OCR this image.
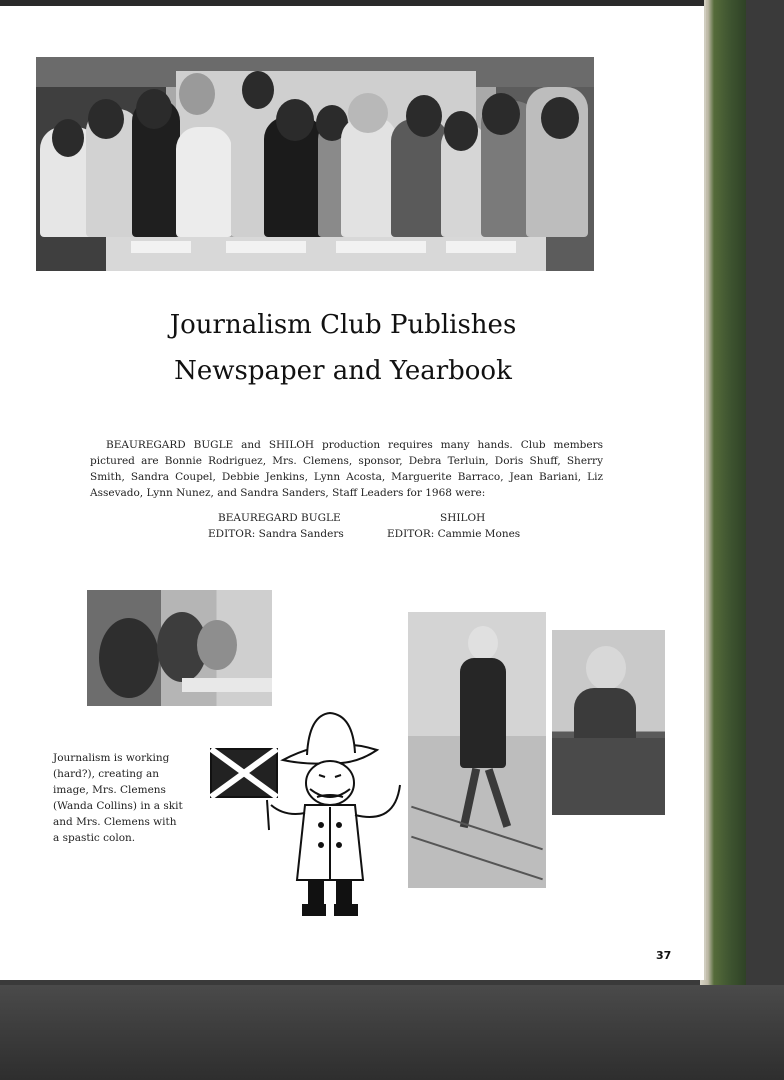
Journalism Club Publishes
Newspaper and Yearbook

BEAUREGARD BUGLE and SHILOH production requires many hands. Club members pictured are Bonnie Rodriguez, Mrs. Clemens, sponsor, Debra Terluin, Doris Shuff, Sherry Smith, Sandra Coupel, Debbie Jenkins, Lynn Acosta, Marguerite Barraco, Jean Bariani, Liz Assevado, Lynn Nunez, and Sandra Sanders, Staff Leaders for 1968 were:

BEAUREGARD BUGLE
EDITOR: Sandra Sanders
SHILOH
EDITOR: Cammie Mones
Journalism is working (hard?), creating an image, Mrs. Clemens (Wanda Collins) in a skit and Mrs. Clemens with a spastic colon.
37
